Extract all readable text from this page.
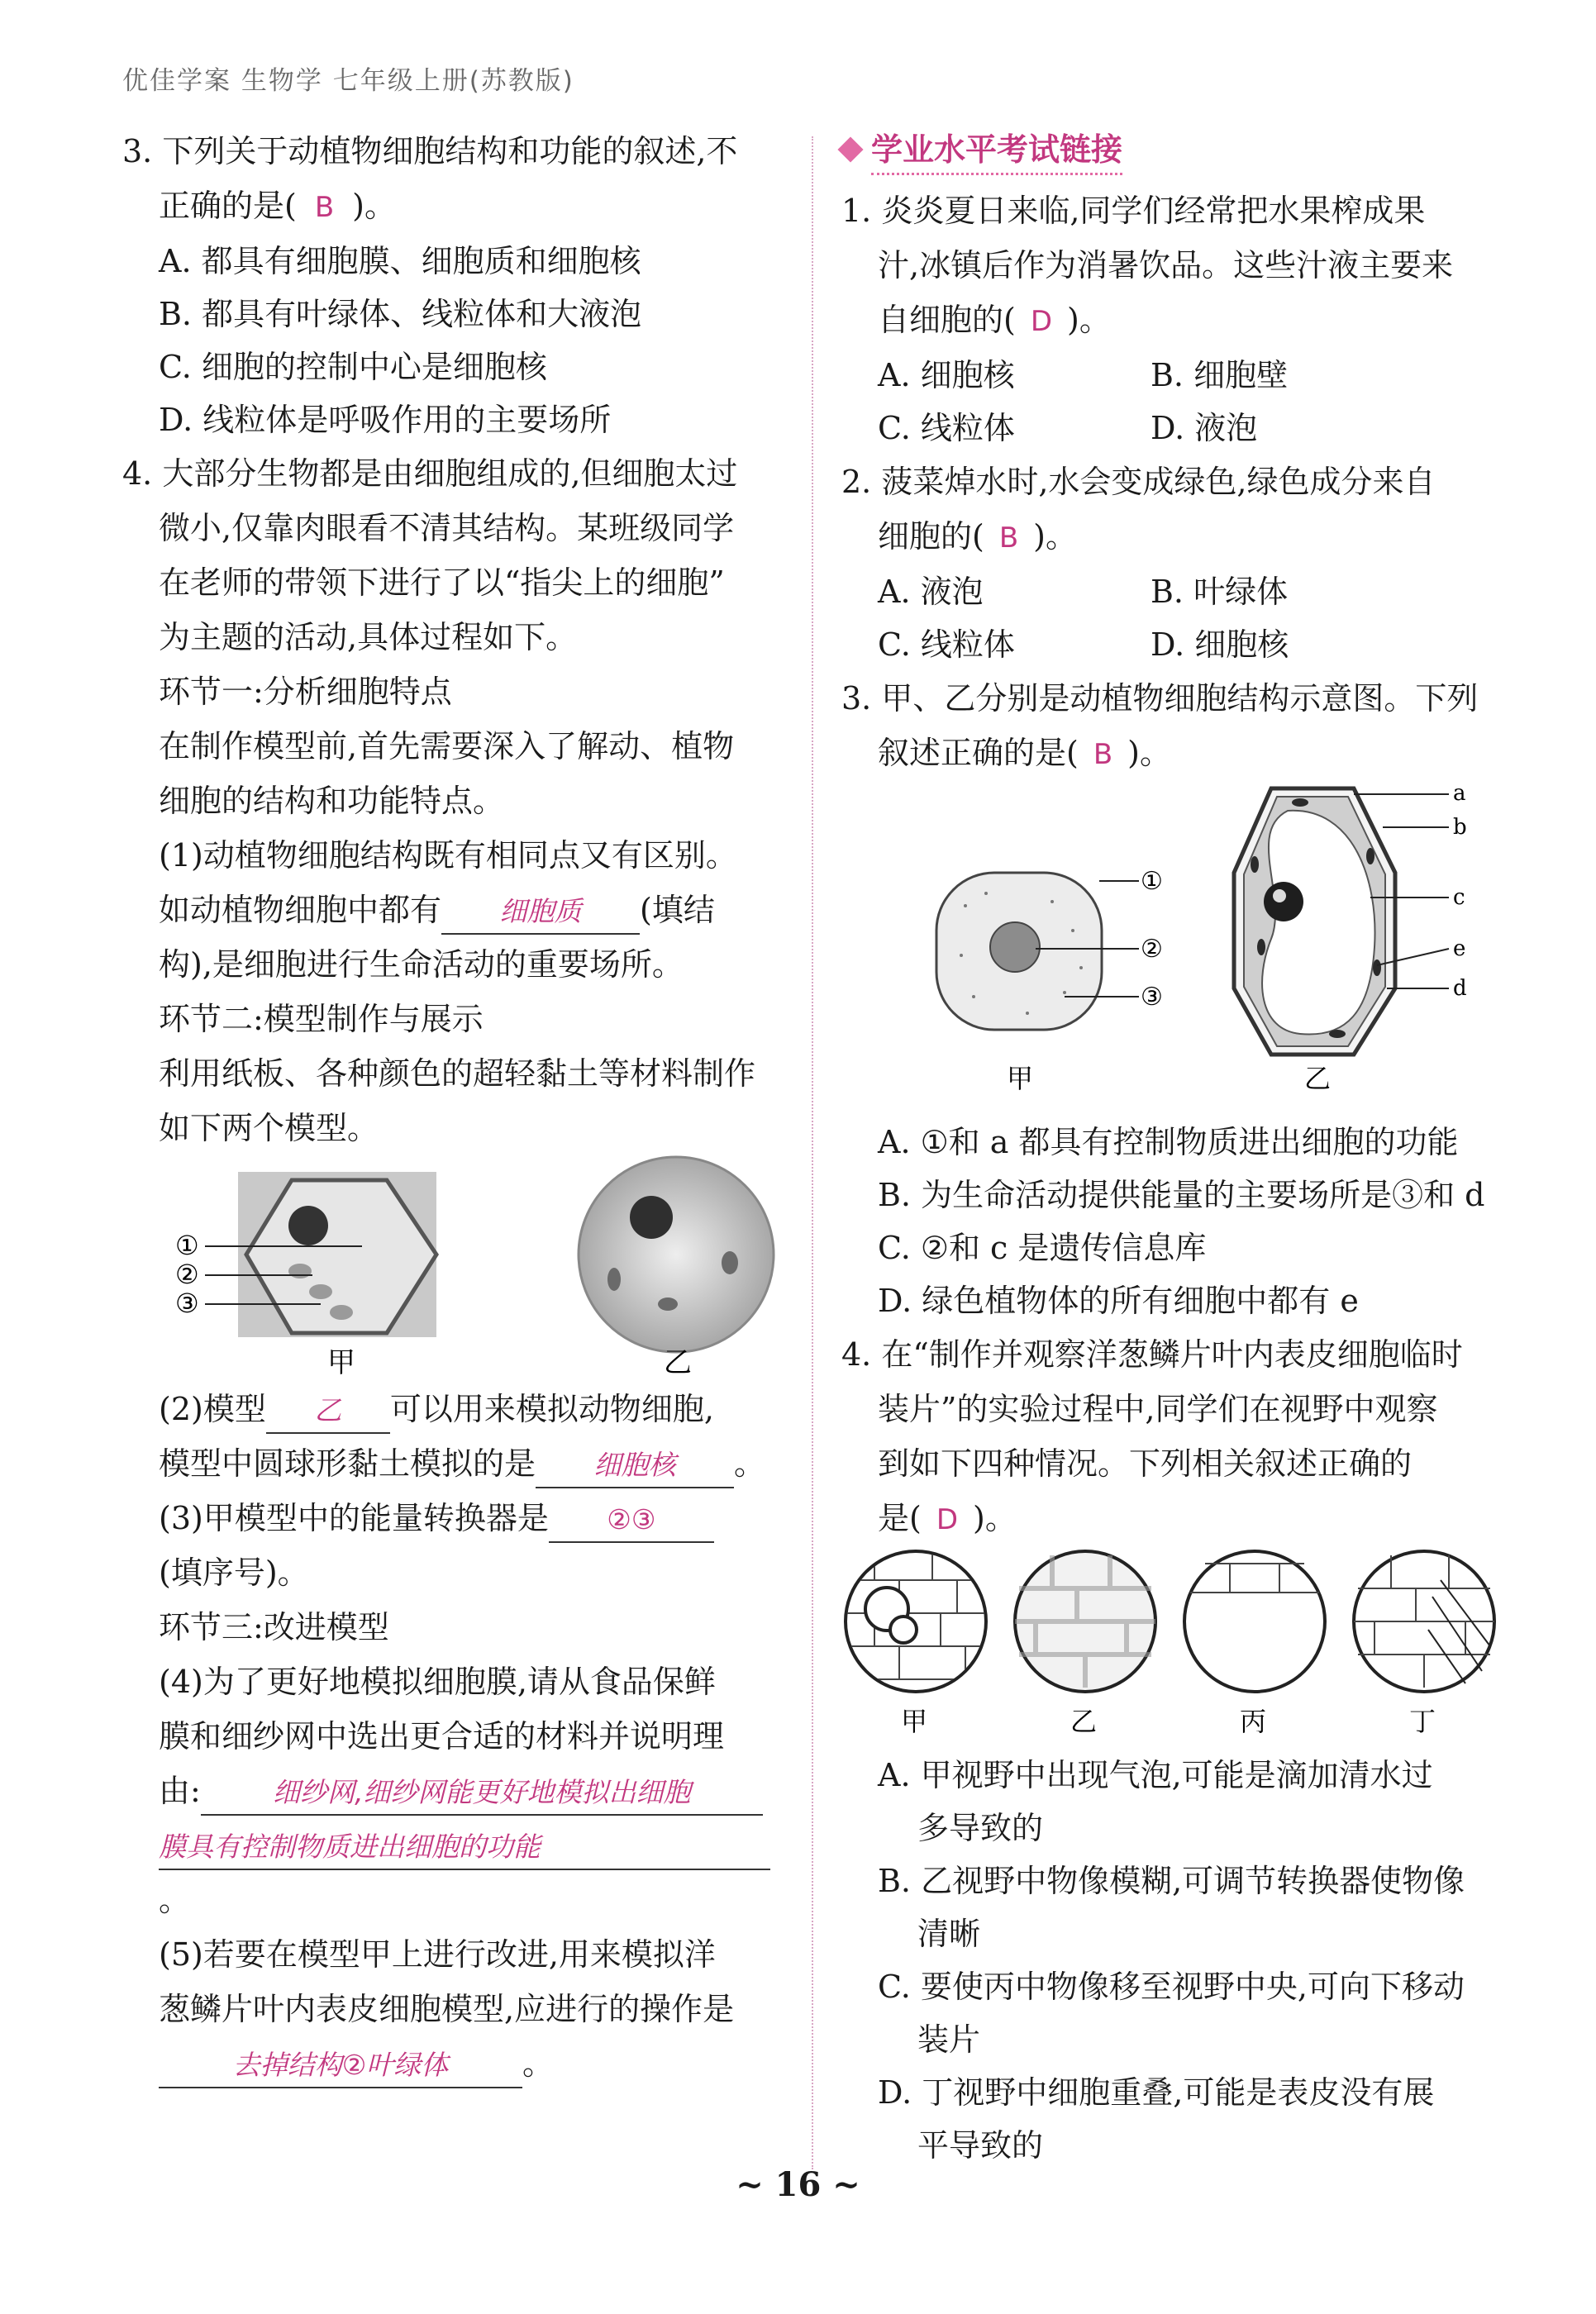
优佳学案 生物学 七年级上册(苏教版)

3. 下列关于动植物细胞结构和功能的叙述,不

正确的是( B )。

A. 都具有细胞膜、细胞质和细胞核

B. 都具有叶绿体、线粒体和大液泡

C. 细胞的控制中心是细胞核

D. 线粒体是呼吸作用的主要场所

4. 大部分生物都是由细胞组成的,但细胞太过

微小,仅靠肉眼看不清其结构。某班级同学

在老师的带领下进行了以“指尖上的细胞”

为主题的活动,具体过程如下。

环节一:分析细胞特点

在制作模型前,首先需要深入了解动、植物

细胞的结构和功能特点。

(1)动植物细胞结构既有相同点又有区别。

如动植物细胞中都有 细胞质 (填结

构),是细胞进行生命活动的重要场所。

环节二:模型制作与展示

利用纸板、各种颜色的超轻黏土等材料制作

如下两个模型。

①
②
③
甲	乙

(2)模型 乙 可以用来模拟动物细胞,

模型中圆球形黏土模拟的是 细胞核 。

(3)甲模型中的能量转换器是 ②③

(填序号)。

环节三:改进模型

(4)为了更好地模拟细胞膜,请从食品保鲜

膜和细纱网中选出更合适的材料并说明理

由:	细纱网,细纱网能更好地模拟出细胞

膜具有控制物质进出细胞的功能。

(5)若要在模型甲上进行改进,用来模拟洋

葱鳞片叶内表皮细胞模型,应进行的操作是

去掉结构②叶绿体 。

学业水平考试链接

1. 炎炎夏日来临,同学们经常把水果榨成果

汁,冰镇后作为消暑饮品。这些汁液主要来

自细胞的( D )。

A. 细胞核	B. 细胞壁
C. 线粒体	D. 液泡

2. 菠菜焯水时,水会变成绿色,绿色成分来自

细胞的( B )。

A. 液泡	B. 叶绿体
C. 线粒体	D. 细胞核

3. 甲、乙分别是动植物细胞结构示意图。下列

叙述正确的是( B )。

①
②
③
甲
a
b
c
e
d
乙

A. ①和 a 都具有控制物质进出细胞的功能

B. 为生命活动提供能量的主要场所是③和 d

C. ②和 c 是遗传信息库

D. 绿色植物体的所有细胞中都有 e

4. 在“制作并观察洋葱鳞片叶内表皮细胞临时

装片”的实验过程中,同学们在视野中观察

到如下四种情况。下列相关叙述正确的

是( D )。

甲	乙	丙	丁

A. 甲视野中出现气泡,可能是滴加清水过

多导致的

B. 乙视野中物像模糊,可调节转换器使物像

清晰

C. 要使丙中物像移至视野中央,可向下移动

装片

D. 丁视野中细胞重叠,可能是表皮没有展

平导致的

~ 16 ~
